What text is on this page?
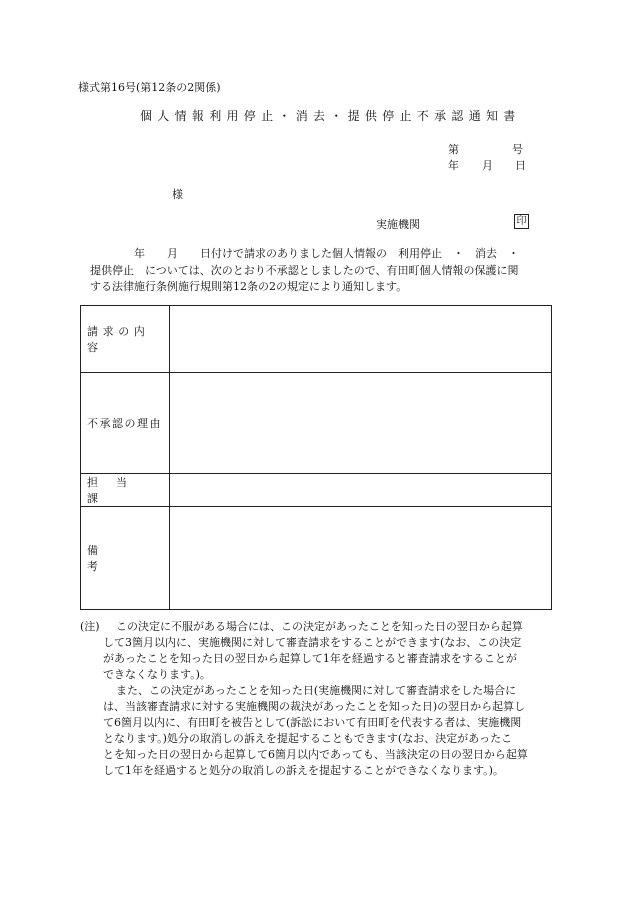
様式第16号(第12条の2関係)
個人情報利用停止・消去・提供停止不承認通知書
第	号
年 月 日
様
実施機関	印
　　　　年　　月　　日付けで請求のありました個人情報の　利用停止　・　消去　・
提供停止　については、次のとおり不承認としましたので、有田町個人情報の保護に関
する法律施行条例施行規則第12条の2の規定により通知します。
請求の内容	

不承認の理由	

担当課	

備考	

(注) この決定に不服がある場合には、この決定があったことを知った日の翌日から起算
して3箇月以内に、実施機関に対して審査請求をすることができます(なお、この決定
があったことを知った日の翌日から起算して1年を経過すると審査請求をすることが
できなくなります。)。
また、この決定があったことを知った日(実施機関に対して審査請求をした場合に
は、当該審査請求に対する実施機関の裁決があったことを知った日)の翌日から起算し
て6箇月以内に、有田町を被告として(訴訟において有田町を代表する者は、実施機関
となります。)処分の取消しの訴えを提起することもできます(なお、決定があったこ
とを知った日の翌日から起算して6箇月以内であっても、当該決定の日の翌日から起算
して1年を経過すると処分の取消しの訴えを提起することができなくなります。)。
